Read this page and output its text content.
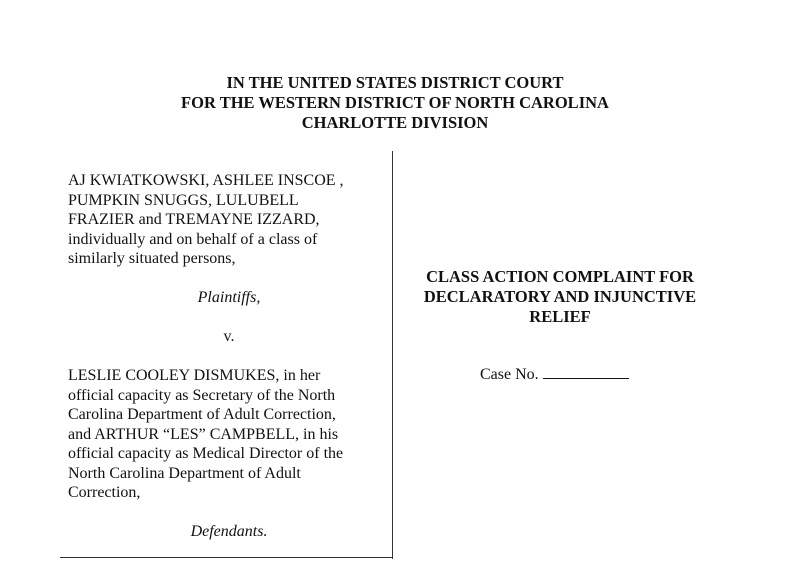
IN THE UNITED STATES DISTRICT COURT
FOR THE WESTERN DISTRICT OF NORTH CAROLINA
CHARLOTTE DIVISION

AJ KWIATKOWSKI, ASHLEE INSCOE ,

PUMPKIN SNUGGS, LULUBELL

FRAZIER and TREMAYNE IZZARD,

individually and on behalf of a class of

similarly situated persons,

Plaintiffs,

v.

LESLIE COOLEY DISMUKES, in her

official capacity as Secretary of the North

Carolina Department of Adult Correction,

and ARTHUR “LES” CAMPBELL, in his

official capacity as Medical Director of the

North Carolina Department of Adult

Correction,

Defendants.

CLASS ACTION COMPLAINT FOR
DECLARATORY AND INJUNCTIVE
RELIEF
Case No.
